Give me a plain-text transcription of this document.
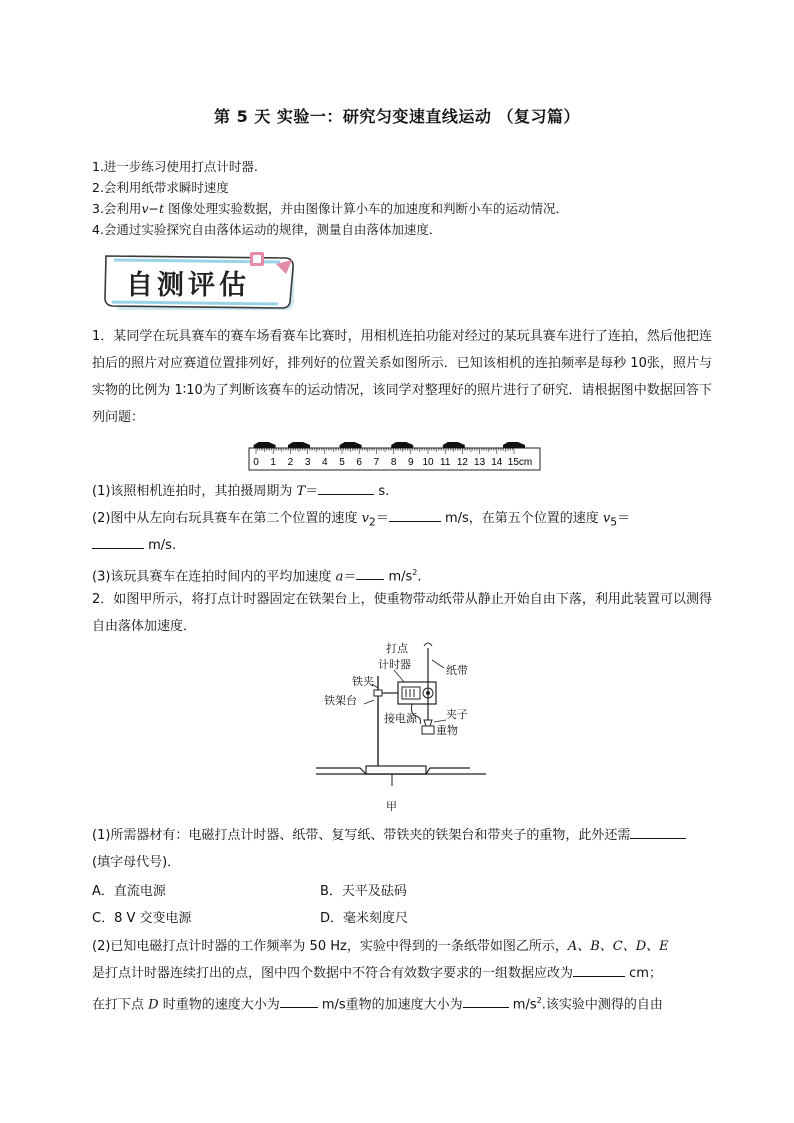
第 5 天 实验一：研究匀变速直线运动 （复习篇）
1.进一步练习使用打点计时器.
2.会利用纸带求瞬时速度
3.会利用v−t 图像处理实验数据，并由图像计算小车的加速度和判断小车的运动情况．
4.会通过实验探究自由落体运动的规律，测量自由落体加速度．
自测评估
1．某同学在玩具赛车的赛车场看赛车比赛时，用相机连拍功能对经过的某玩具赛车进行了连拍，然后他把连拍后的照片对应赛道位置排列好，排列好的位置关系如图所示．已知该相机的连拍频率是每秒 10张，照片与实物的比例为 1∶10为了判断该赛车的运动情况，该同学对整理好的照片进行了研究．请根据图中数据回答下列问题：
0 1 2 3 4 5 6 7 8 9 10 11 12 13 14 15cm
(1)该照相机连拍时，其拍摄周期为 T＝	s.
(2)图中从左向右玩具赛车在第二个位置的速度 $v_2=$	m/s，在第五个位置的速度 $v_5=$
m/s.
(3)该玩具赛车在连拍时间内的平均加速度 $a= m/s^2$.
2．如图甲所示，将打点计时器固定在铁架台上，使重物带动纸带从静止开始自由下落，利用此装置可以测得自由落体加速度．
打点
计时器	纸带
铁夹
铁架台
接电源	夹子
重物
甲
(1)所需器材有：电磁打点计时器、纸带、复写纸、带铁夹的铁架台和带夹子的重物，此外还需
(填字母代号)．
A．直流电源	B．天平及砝码
C．8 V 交变电源	D．毫米刻度尺
(2)已知电磁打点计时器的工作频率为 50 Hz，实验中得到的一条纸带如图乙所示，A、B、C、D、E
是打点计时器连续打出的点，图中四个数据中不符合有效数字要求的一组数据应改为	cm；
在打下点 D 时重物的速度大小为	m/s重物的加速度大小为	$m/s^2$.该实验中测得的自由
